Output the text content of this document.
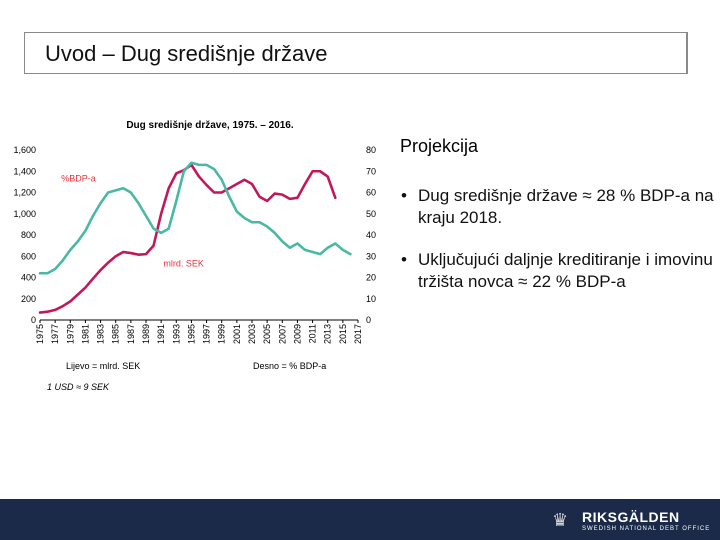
Uvod – Dug središnje države
Dug središnje države, 1975. – 2016.
0
200
400
600
800
1,000
1,200
1,400
1,600
0
10
20
30
40
50
60
70
80
1975 1977 1979 1981 1983 1985 1987 1989 1991 1993 1995 1997 1999 2001 2003 2005 2007 2009 2011 2013 2015 2017
mlrd. SEK
%BDP-a
Lijevo = mlrd. SEK	Desno = % BDP-a
1 USD ≈ 9 SEK
Projekcija
• Dug središnje države ≈ 28 % BDP-a na kraju 2018.
• Uključujući daljnje kreditiranje i imovinu tržišta novca ≈ 22 % BDP-a
♛ RIKSGÄLDEN
SWEDISH NATIONAL DEBT OFFICE
